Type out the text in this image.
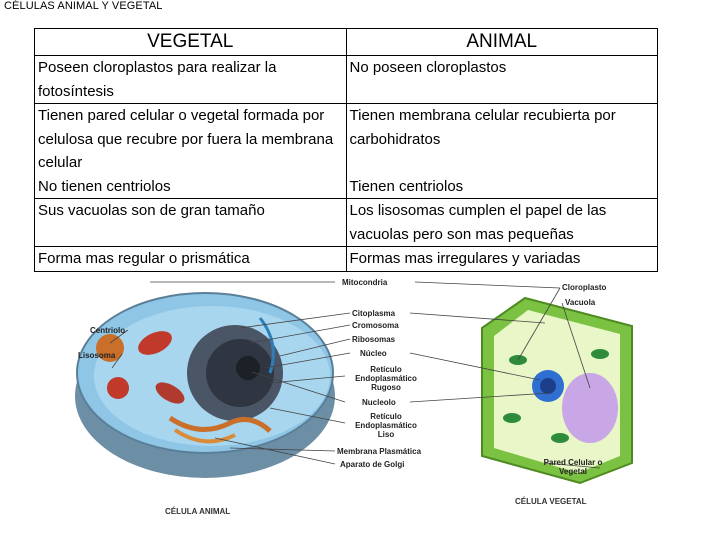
CÉLULAS ANIMAL Y VEGETAL
VEGETAL	ANIMAL
Poseen cloroplastos para realizar la fotosíntesis	No poseen cloroplastos
Tienen pared celular o vegetal formada por celulosa que recubre por fuera la membrana celular	Tienen membrana celular recubierta por carbohidratos
No tienen centriolos	Tienen centriolos
Sus vacuolas son de gran tamaño	Los lisosomas cumplen el papel de las vacuolas pero son mas pequeñas
Forma mas regular o prismática	Formas mas irregulares y variadas
Centriolo
Lisosoma
Mitocondria
Citoplasma
Cromosoma
Ribosomas
Núcleo
Retículo Endoplasmático Rugoso
Nucleolo
Retículo Endoplasmático Liso
Membrana Plasmática
Aparato de Golgi
Cloroplasto
Vacuola
Pared Celular o Vegetal
CÉLULA ANIMAL
CÉLULA VEGETAL
